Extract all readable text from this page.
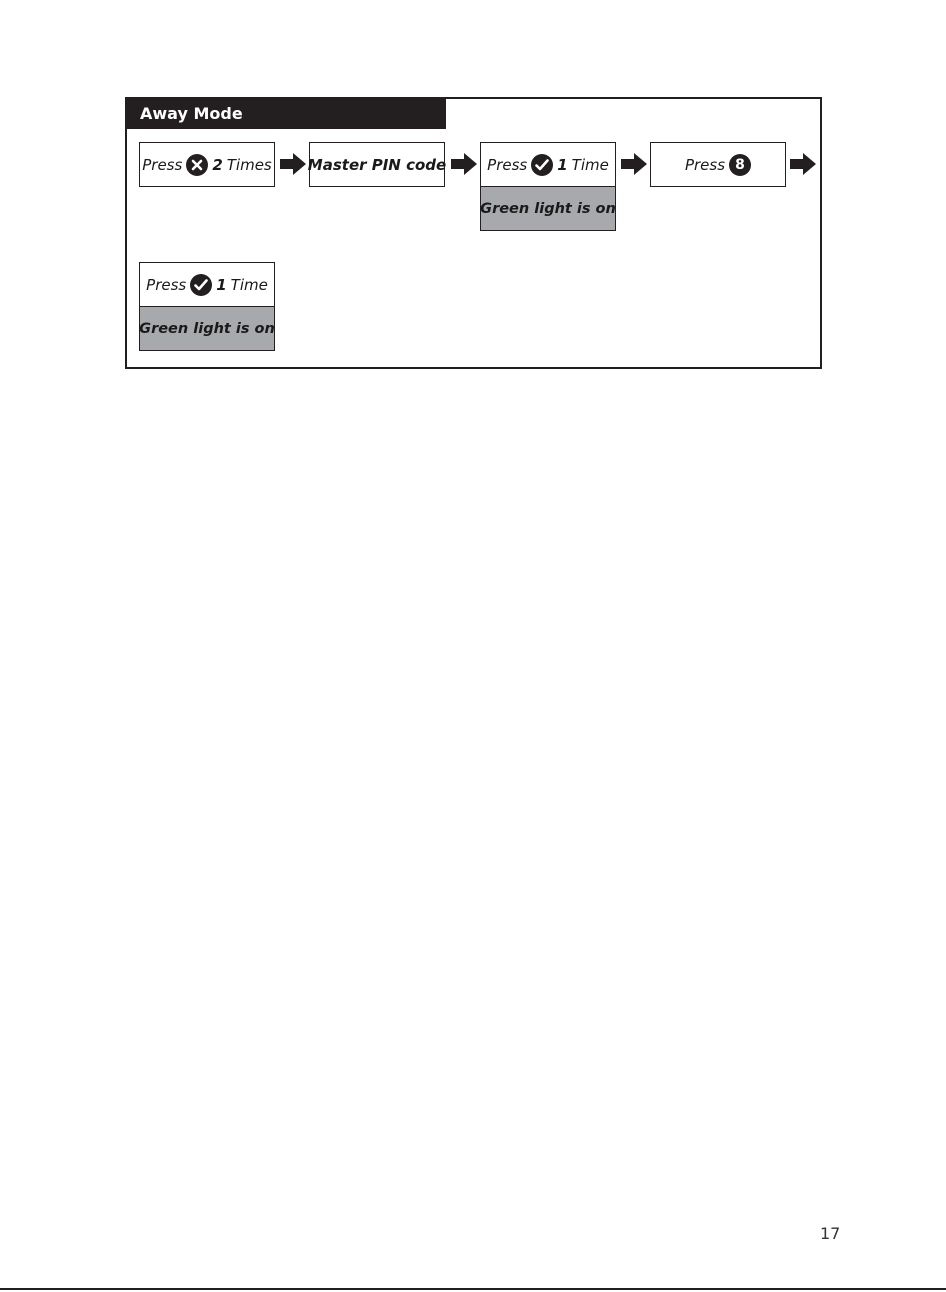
Away Mode
Press 2 Times Master PIN code	Press 1 Time
Green light is on
Press 8
Press 1 Time
Green light is on
17
